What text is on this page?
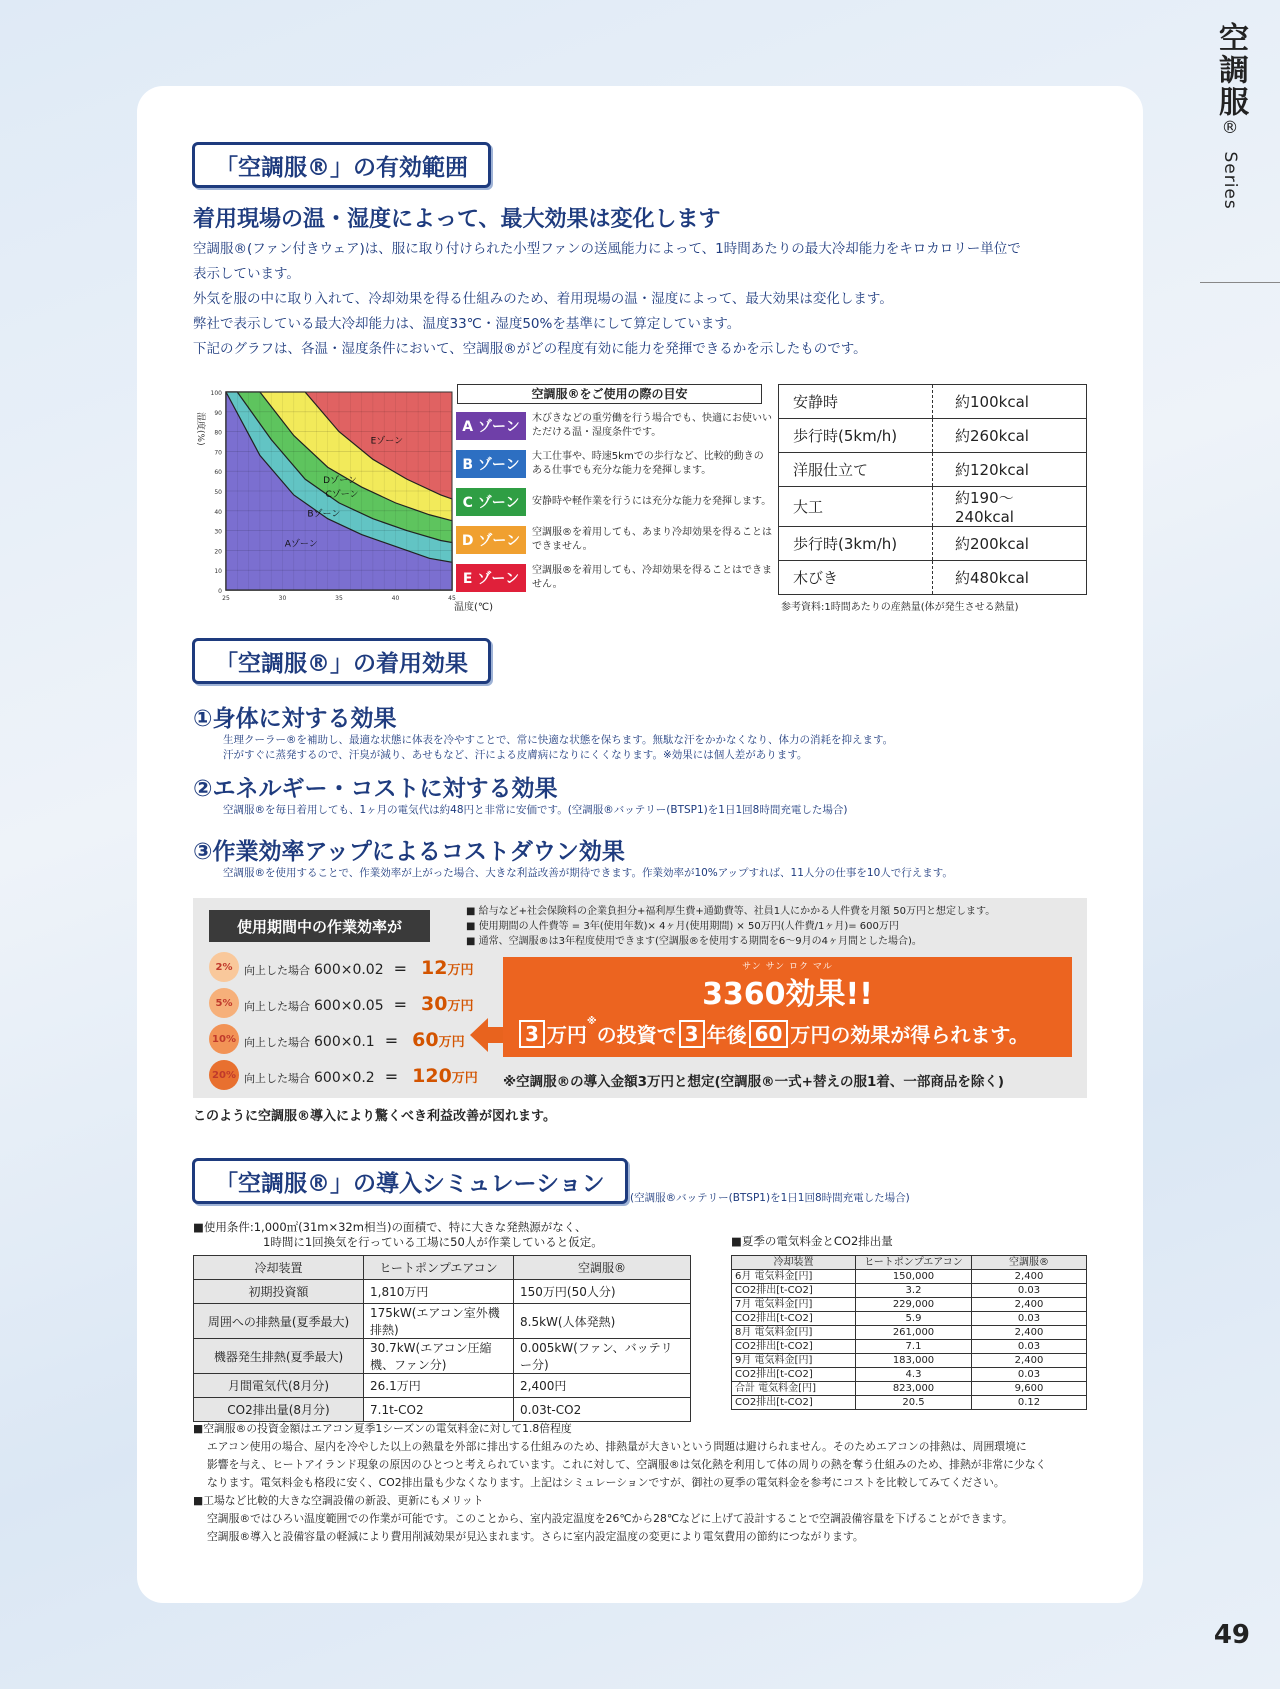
空調服® Series
49
「空調服®」の有効範囲
着用現場の温・湿度によって、最大効果は変化します
空調服®(ファン付きウェア)は、服に取り付けられた小型ファンの送風能力によって、1時間あたりの最大冷却能力をキロカロリー単位で
表示しています。
外気を服の中に取り入れて、冷却効果を得る仕組みのため、着用現場の温・湿度によって、最大効果は変化します。
弊社で表示している最大冷却能力は、温度33℃・湿度50%を基準にして算定しています。
下記のグラフは、各温・湿度条件において、空調服®がどの程度有効に能力を発揮できるかを示したものです。
湿度(%)
0
10
20
30
40
50
60
70
80
90
100
25	30	35	40	45
Aゾーン
Bゾーン
Cゾーン
Dゾーン
Eゾーン
温度(℃)
空調服®をご使用の際の目安
A ゾーン
木びきなどの重労働を行う場合でも、快適にお使いいただける温・湿度条件です。
B ゾーン
大工仕事や、時速5kmでの歩行など、比較的動きのある仕事でも充分な能力を発揮します。
C ゾーン	安静時や軽作業を行うには充分な能力を発揮します。
D ゾーン
空調服®を着用しても、あまり冷却効果を得ることはできません。
E ゾーン
空調服®を着用しても、冷却効果を得ることはできません。
安静時	約100kcal
歩行時(5km/h)	約260kcal
洋服仕立て	約120kcal
大工	約190〜240kcal
歩行時(3km/h)	約200kcal
木びき	約480kcal
参考資料:1時間あたりの産熱量(体が発生させる熱量)
「空調服®」の着用効果
①身体に対する効果
生理クーラー®を補助し、最適な状態に体表を冷やすことで、常に快適な状態を保ちます。無駄な汗をかかなくなり、体力の消耗を抑えます。
汗がすぐに蒸発するので、汗臭が減り、あせもなど、汗による皮膚病になりにくくなります。※効果には個人差があります。
②エネルギー・コストに対する効果
空調服®を毎日着用しても、1ヶ月の電気代は約48円と非常に安価です。(空調服®バッテリー(BTSP1)を1日1回8時間充電した場合)
③作業効率アップによるコストダウン効果
空調服®を使用することで、作業効率が上がった場合、大きな利益改善が期待できます。作業効率が10%アップすれば、11人分の仕事を10人で行えます。
使用期間中の作業効率が
■ 給与など+社会保険料の企業負担分+福利厚生費+通勤費等、社員1人にかかる人件費を月額 50万円と想定します。
■ 使用期間の人件費等 = 3年(使用年数)× 4ヶ月(使用期間) × 50万円(人件費/1ヶ月)= 600万円
■ 通常、空調服®は3年程度使用できます(空調服®を使用する期間を6〜9月の4ヶ月間とした場合)。
2%	向上した場合 600×0.02 = 12万円
5%	向上した場合 600×0.05 = 30万円
10% 向上した場合 600×0.1 = 60万円
20% 向上した場合 600×0.2 = 120万円
サン サン ロク マル
3360効果!!
3 万円
※
の投資で 3 年後 60 万円の効果が得られます。
※空調服®の導入金額3万円と想定(空調服®一式+替えの服1着、一部商品を除く)
このように空調服®導入により驚くべき利益改善が図れます。
「空調服®」の導入シミュレーション
(空調服®バッテリー(BTSP1)を1日1回8時間充電した場合)
■使用条件:1,000㎡(31m×32m相当)の面積で、特に大きな発熱源がなく、
1時間に1回換気を行っている工場に50人が作業していると仮定。
冷却装置	ヒートポンプエアコン	空調服®
初期投資額	1,810万円	150万円(50人分)
周囲への排熱量(夏季最大)	175kW(エアコン室外機排熱)	8.5kW(人体発熱)
機器発生排熱(夏季最大)	30.7kW(エアコン圧縮機、ファン分)	0.005kW(ファン、バッテリー分)
月間電気代(8月分)	26.1万円	2,400円
CO2排出量(8月分)	7.1t-CO2	0.03t-CO2
■夏季の電気料金とCO2排出量
冷却装置	ヒートポンプエアコン	空調服®
6月 電気料金[円]	150,000	2,400
CO2排出[t-CO2]	3.2	0.03
7月 電気料金[円]	229,000	2,400
CO2排出[t-CO2]	5.9	0.03
8月 電気料金[円]	261,000	2,400
CO2排出[t-CO2]	7.1	0.03
9月 電気料金[円]	183,000	2,400
CO2排出[t-CO2]	4.3	0.03
合計 電気料金[円]	823,000	9,600
CO2排出[t-CO2]	20.5	0.12
■空調服®の投資金額はエアコン夏季1シーズンの電気料金に対して1.8倍程度
エアコン使用の場合、屋内を冷やした以上の熱量を外部に排出する仕組みのため、排熱量が大きいという問題は避けられません。そのためエアコンの排熱は、周囲環境に
影響を与え、ヒートアイランド現象の原因のひとつと考えられています。これに対して、空調服®は気化熱を利用して体の周りの熱を奪う仕組みのため、排熱が非常に少なく
なります。電気料金も格段に安く、CO2排出量も少なくなります。上記はシミュレーションですが、御社の夏季の電気料金を参考にコストを比較してみてください。
■工場など比較的大きな空調設備の新設、更新にもメリット
空調服®ではひろい温度範囲での作業が可能です。このことから、室内設定温度を26℃から28℃などに上げて設計することで空調設備容量を下げることができます。
空調服®導入と設備容量の軽減により費用削減効果が見込まれます。さらに室内設定温度の変更により電気費用の節約につながります。
